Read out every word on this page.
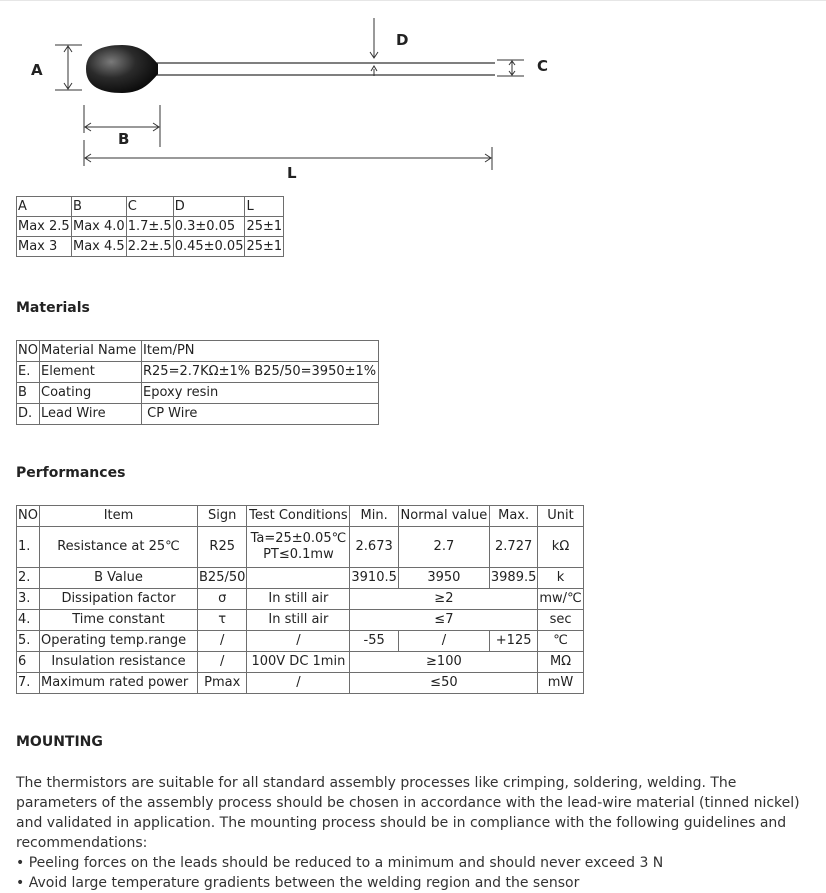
A
B
C
D
L
A	B	C	D	L
Max 2.5	Max 4.0	1.7±.5	0.3±0.05	25±1
Max 3	Max 4.5	2.2±.5	0.45±0.05	25±1
Materials
NO	Material Name	Item/PN
E.	Element	R25=2.7KΩ±1% B25/50=3950±1%
B	Coating	Epoxy resin
D.	Lead Wire	CP Wire
Performances
NO	Item	Sign	Test Conditions	Min.	Normal value	Max.	Unit
1.	Resistance at 25℃	R25	Ta=25±0.05℃
PT≤0.1mw	2.673	2.7	2.727	kΩ
2.	B Value	B25/50		3910.5	3950	3989.5	k
3.	Dissipation factor	σ	In still air	≥2			mw/℃
4.	Time constant	τ	In still air	≤7			sec
5.	Operating temp.range	/	/	-55	/	+125	℃
6	Insulation resistance	/	100V DC 1min	≥100			MΩ
7.	Maximum rated power	Pmax	/	≤50			mW
MOUNTING

The thermistors are suitable for all standard assembly processes like crimping, soldering, welding. The parameters of the assembly process should be chosen in accordance with the lead-wire material (tinned nickel) and validated in application. The mounting process should be in compliance with the following guidelines and recommendations:

• Peeling forces on the leads should be reduced to a minimum and should never exceed 3 N

• Avoid large temperature gradients between the welding region and the sensor
